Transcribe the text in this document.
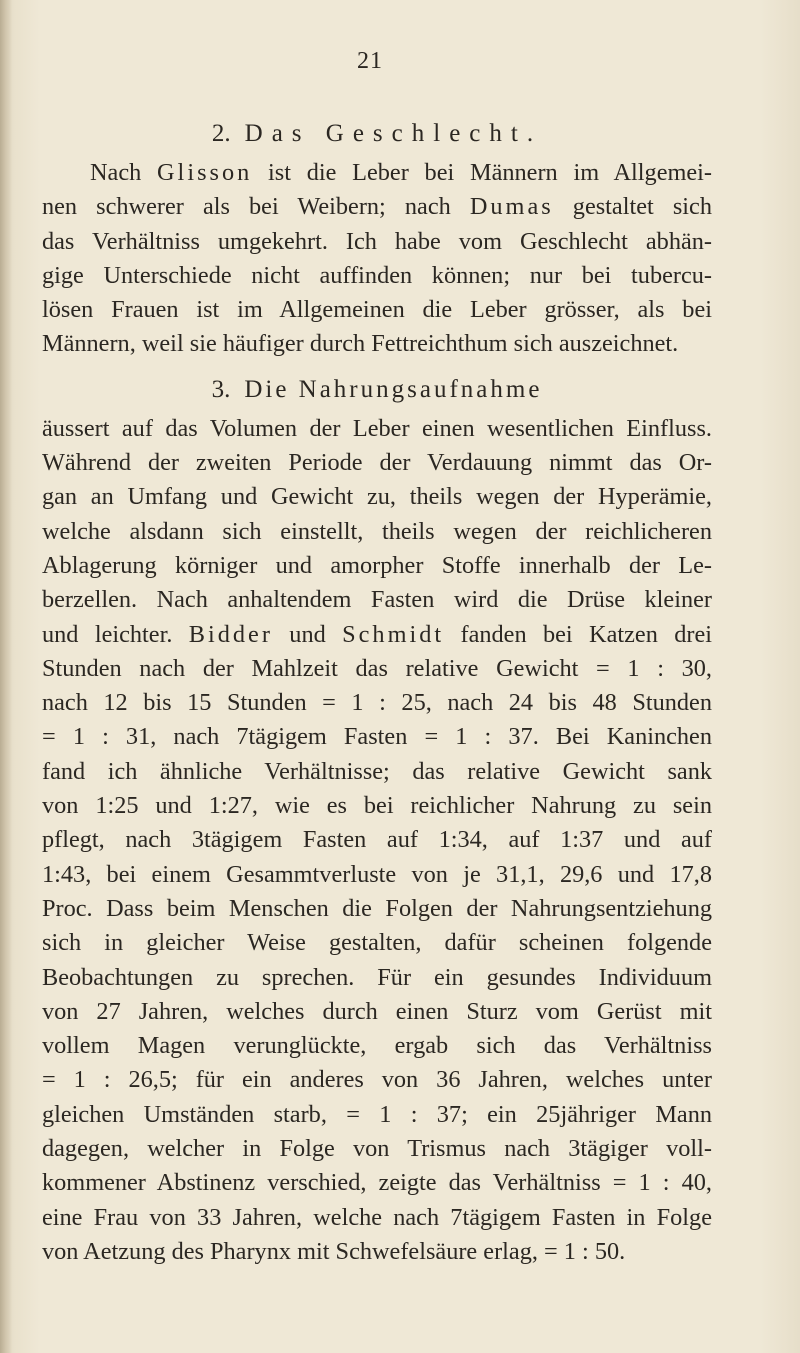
21
2. Das Geschlecht.
Nach Glisson ist die Leber bei Männern im Allgemei-
nen schwerer als bei Weibern; nach Dumas gestaltet sich
das Verhältniss umgekehrt. Ich habe vom Geschlecht abhän-
gige Unterschiede nicht auffinden können; nur bei tubercu-
lösen Frauen ist im Allgemeinen die Leber grösser, als bei
Männern, weil sie häufiger durch Fettreichthum sich auszeichnet.
3. Die Nahrungsaufnahme
äussert auf das Volumen der Leber einen wesentlichen Einfluss.
Während der zweiten Periode der Verdauung nimmt das Or-
gan an Umfang und Gewicht zu, theils wegen der Hyperämie,
welche alsdann sich einstellt, theils wegen der reichlicheren
Ablagerung körniger und amorpher Stoffe innerhalb der Le-
berzellen. Nach anhaltendem Fasten wird die Drüse kleiner
und leichter. Bidder und Schmidt fanden bei Katzen drei
Stunden nach der Mahlzeit das relative Gewicht = 1 : 30,
nach 12 bis 15 Stunden = 1 : 25, nach 24 bis 48 Stunden
= 1 : 31, nach 7tägigem Fasten = 1 : 37. Bei Kaninchen
fand ich ähnliche Verhältnisse; das relative Gewicht sank
von 1:25 und 1:27, wie es bei reichlicher Nahrung zu sein
pflegt, nach 3tägigem Fasten auf 1:34, auf 1:37 und auf
1:43, bei einem Gesammtverluste von je 31,1, 29,6 und 17,8
Proc. Dass beim Menschen die Folgen der Nahrungsentziehung
sich in gleicher Weise gestalten, dafür scheinen folgende
Beobachtungen zu sprechen. Für ein gesundes Individuum
von 27 Jahren, welches durch einen Sturz vom Gerüst mit
vollem Magen verunglückte, ergab sich das Verhältniss
= 1 : 26,5; für ein anderes von 36 Jahren, welches unter
gleichen Umständen starb, = 1 : 37; ein 25jähriger Mann
dagegen, welcher in Folge von Trismus nach 3tägiger voll-
kommener Abstinenz verschied, zeigte das Verhältniss = 1 : 40,
eine Frau von 33 Jahren, welche nach 7tägigem Fasten in Folge
von Aetzung des Pharynx mit Schwefelsäure erlag, = 1 : 50.
